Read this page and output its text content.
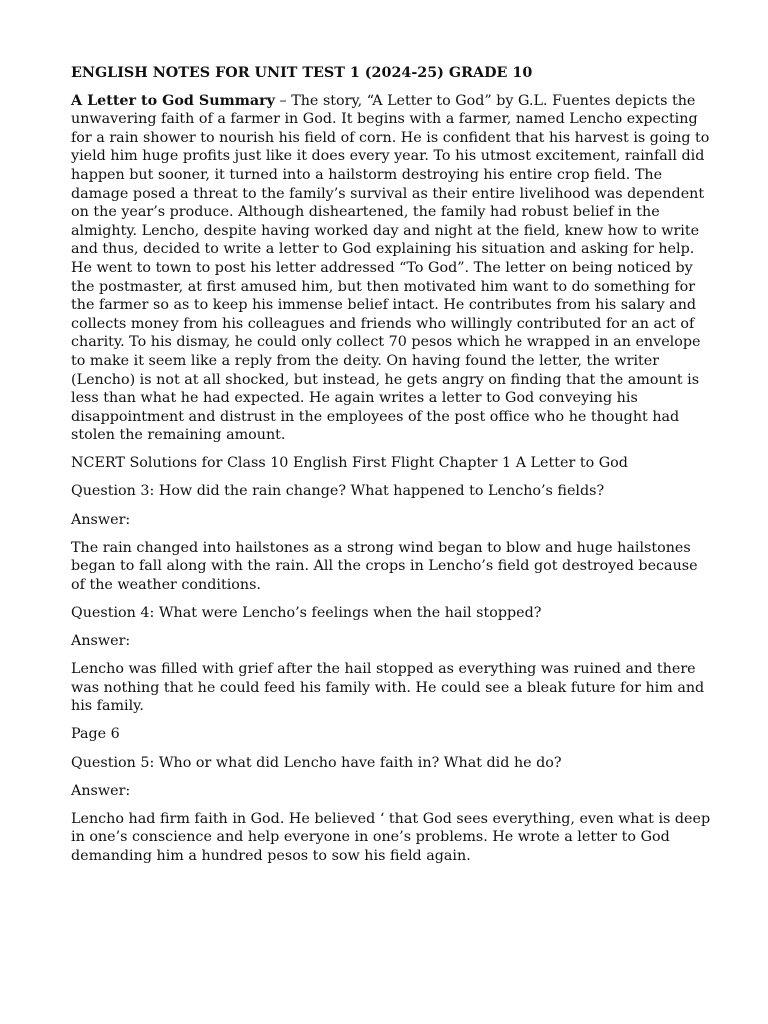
ENGLISH NOTES FOR UNIT TEST 1 (2024-25) GRADE 10

A Letter to God Summary – The story, “A Letter to God” by G.L. Fuentes depicts the unwavering faith of a farmer in God. It begins with a farmer, named Lencho expecting for a rain shower to nourish his field of corn. He is confident that his harvest is going to yield him huge profits just like it does every year. To his utmost excitement, rainfall did happen but sooner, it turned into a hailstorm destroying his entire crop field. The damage posed a threat to the family’s survival as their entire livelihood was dependent on the year’s produce. Although disheartened, the family had robust belief in the almighty. Lencho, despite having worked day and night at the field, knew how to write and thus, decided to write a letter to God explaining his situation and asking for help. He went to town to post his letter addressed “To God”. The letter on being noticed by the postmaster, at first amused him, but then motivated him want to do something for the farmer so as to keep his immense belief intact. He contributes from his salary and collects money from his colleagues and friends who willingly contributed for an act of charity. To his dismay, he could only collect 70 pesos which he wrapped in an envelope to make it seem like a reply from the deity. On having found the letter, the writer (Lencho) is not at all shocked, but instead, he gets angry on finding that the amount is less than what he had expected. He again writes a letter to God conveying his disappointment and distrust in the employees of the post office who he thought had stolen the remaining amount.

NCERT Solutions for Class 10 English First Flight Chapter 1 A Letter to God

Question 3: How did the rain change? What happened to Lencho’s fields?

Answer:

The rain changed into hailstones as a strong wind began to blow and huge hailstones began to fall along with the rain. All the crops in Lencho’s field got destroyed because of the weather conditions.

Question 4: What were Lencho’s feelings when the hail stopped?

Answer:

Lencho was filled with grief after the hail stopped as everything was ruined and there was nothing that he could feed his family with. He could see a bleak future for him and his family.

Page 6

Question 5: Who or what did Lencho have faith in? What did he do?

Answer:

Lencho had firm faith in God. He believed ‘ that God sees everything, even what is deep in one’s conscience and help everyone in one’s problems. He wrote a letter to God demanding him a hundred pesos to sow his field again.
